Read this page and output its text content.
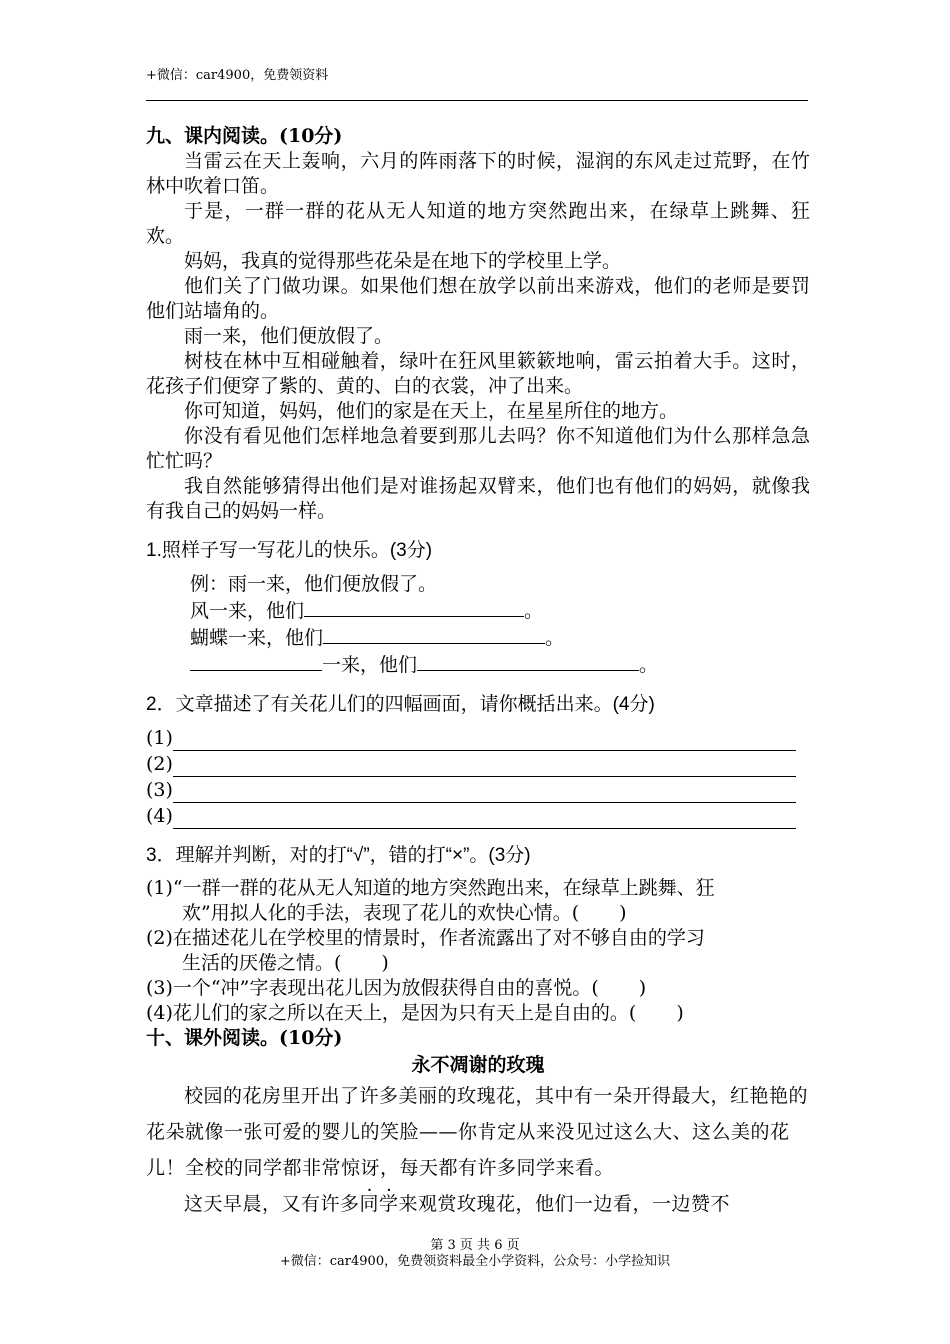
+微信：car4900，免费领资料
九、课内阅读。(10分)

当雷云在天上轰响，六月的阵雨落下的时候，湿润的东风走过荒野，在竹林中吹着口笛。

于是，一群一群的花从无人知道的地方突然跑出来，在绿草上跳舞、狂欢。

妈妈，我真的觉得那些花朵是在地下的学校里上学。

他们关了门做功课。如果他们想在放学以前出来游戏，他们的老师是要罚他们站墙角的。

雨一来，他们便放假了。

树枝在林中互相碰触着，绿叶在狂风里簌簌地响，雷云拍着大手。这时，花孩子们便穿了紫的、黄的、白的衣裳，冲了出来。

你可知道，妈妈，他们的家是在天上，在星星所住的地方。

你没有看见他们怎样地急着要到那儿去吗？你不知道他们为什么那样急急忙忙吗？

我自然能够猜得出他们是对谁扬起双臂来，他们也有他们的妈妈，就像我有我自己的妈妈一样。

1.照样子写一写花儿的快乐。(3分)
例：雨一来，他们便放假了。
风一来，他们	。
蝴蝶一来，他们	。
一来，他们	。
2．文章描述了有关花儿们的四幅画面，请你概括出来。(4分)
(1)
(2)
(3)
(4)
3．理解并判断，对的打“√”，错的打“×”。(3分)
(1)“一群一群的花从无人知道的地方突然跑出来，在绿草上跳舞、狂
欢”用拟人化的手法，表现了花儿的欢快心情。( )
(2)在描述花儿在学校里的情景时，作者流露出了对不够自由的学习
生活的厌倦之情。( )
(3)一个“冲”字表现出花儿因为放假获得自由的喜悦。( )
(4)花儿们的家之所以在天上，是因为只有天上是自由的。( )
十、课外阅读。(10分)
永不凋谢的玫瑰

校园的花房里开出了许多美丽的玫瑰花，其中有一朵开得最大，红艳艳的花朵就像一张可爱的婴儿的笑脸——你肯定从来没见过这么大、这么美的花儿！全校的同学都非常惊讶，每天都有许多同学来看。

这天早晨，又有许多同学来观赏玫瑰花，他们一边看，一边赞不

第 3 页 共 6 页
+微信：car4900，免费领资料最全小学资料，公众号：小学捡知识
